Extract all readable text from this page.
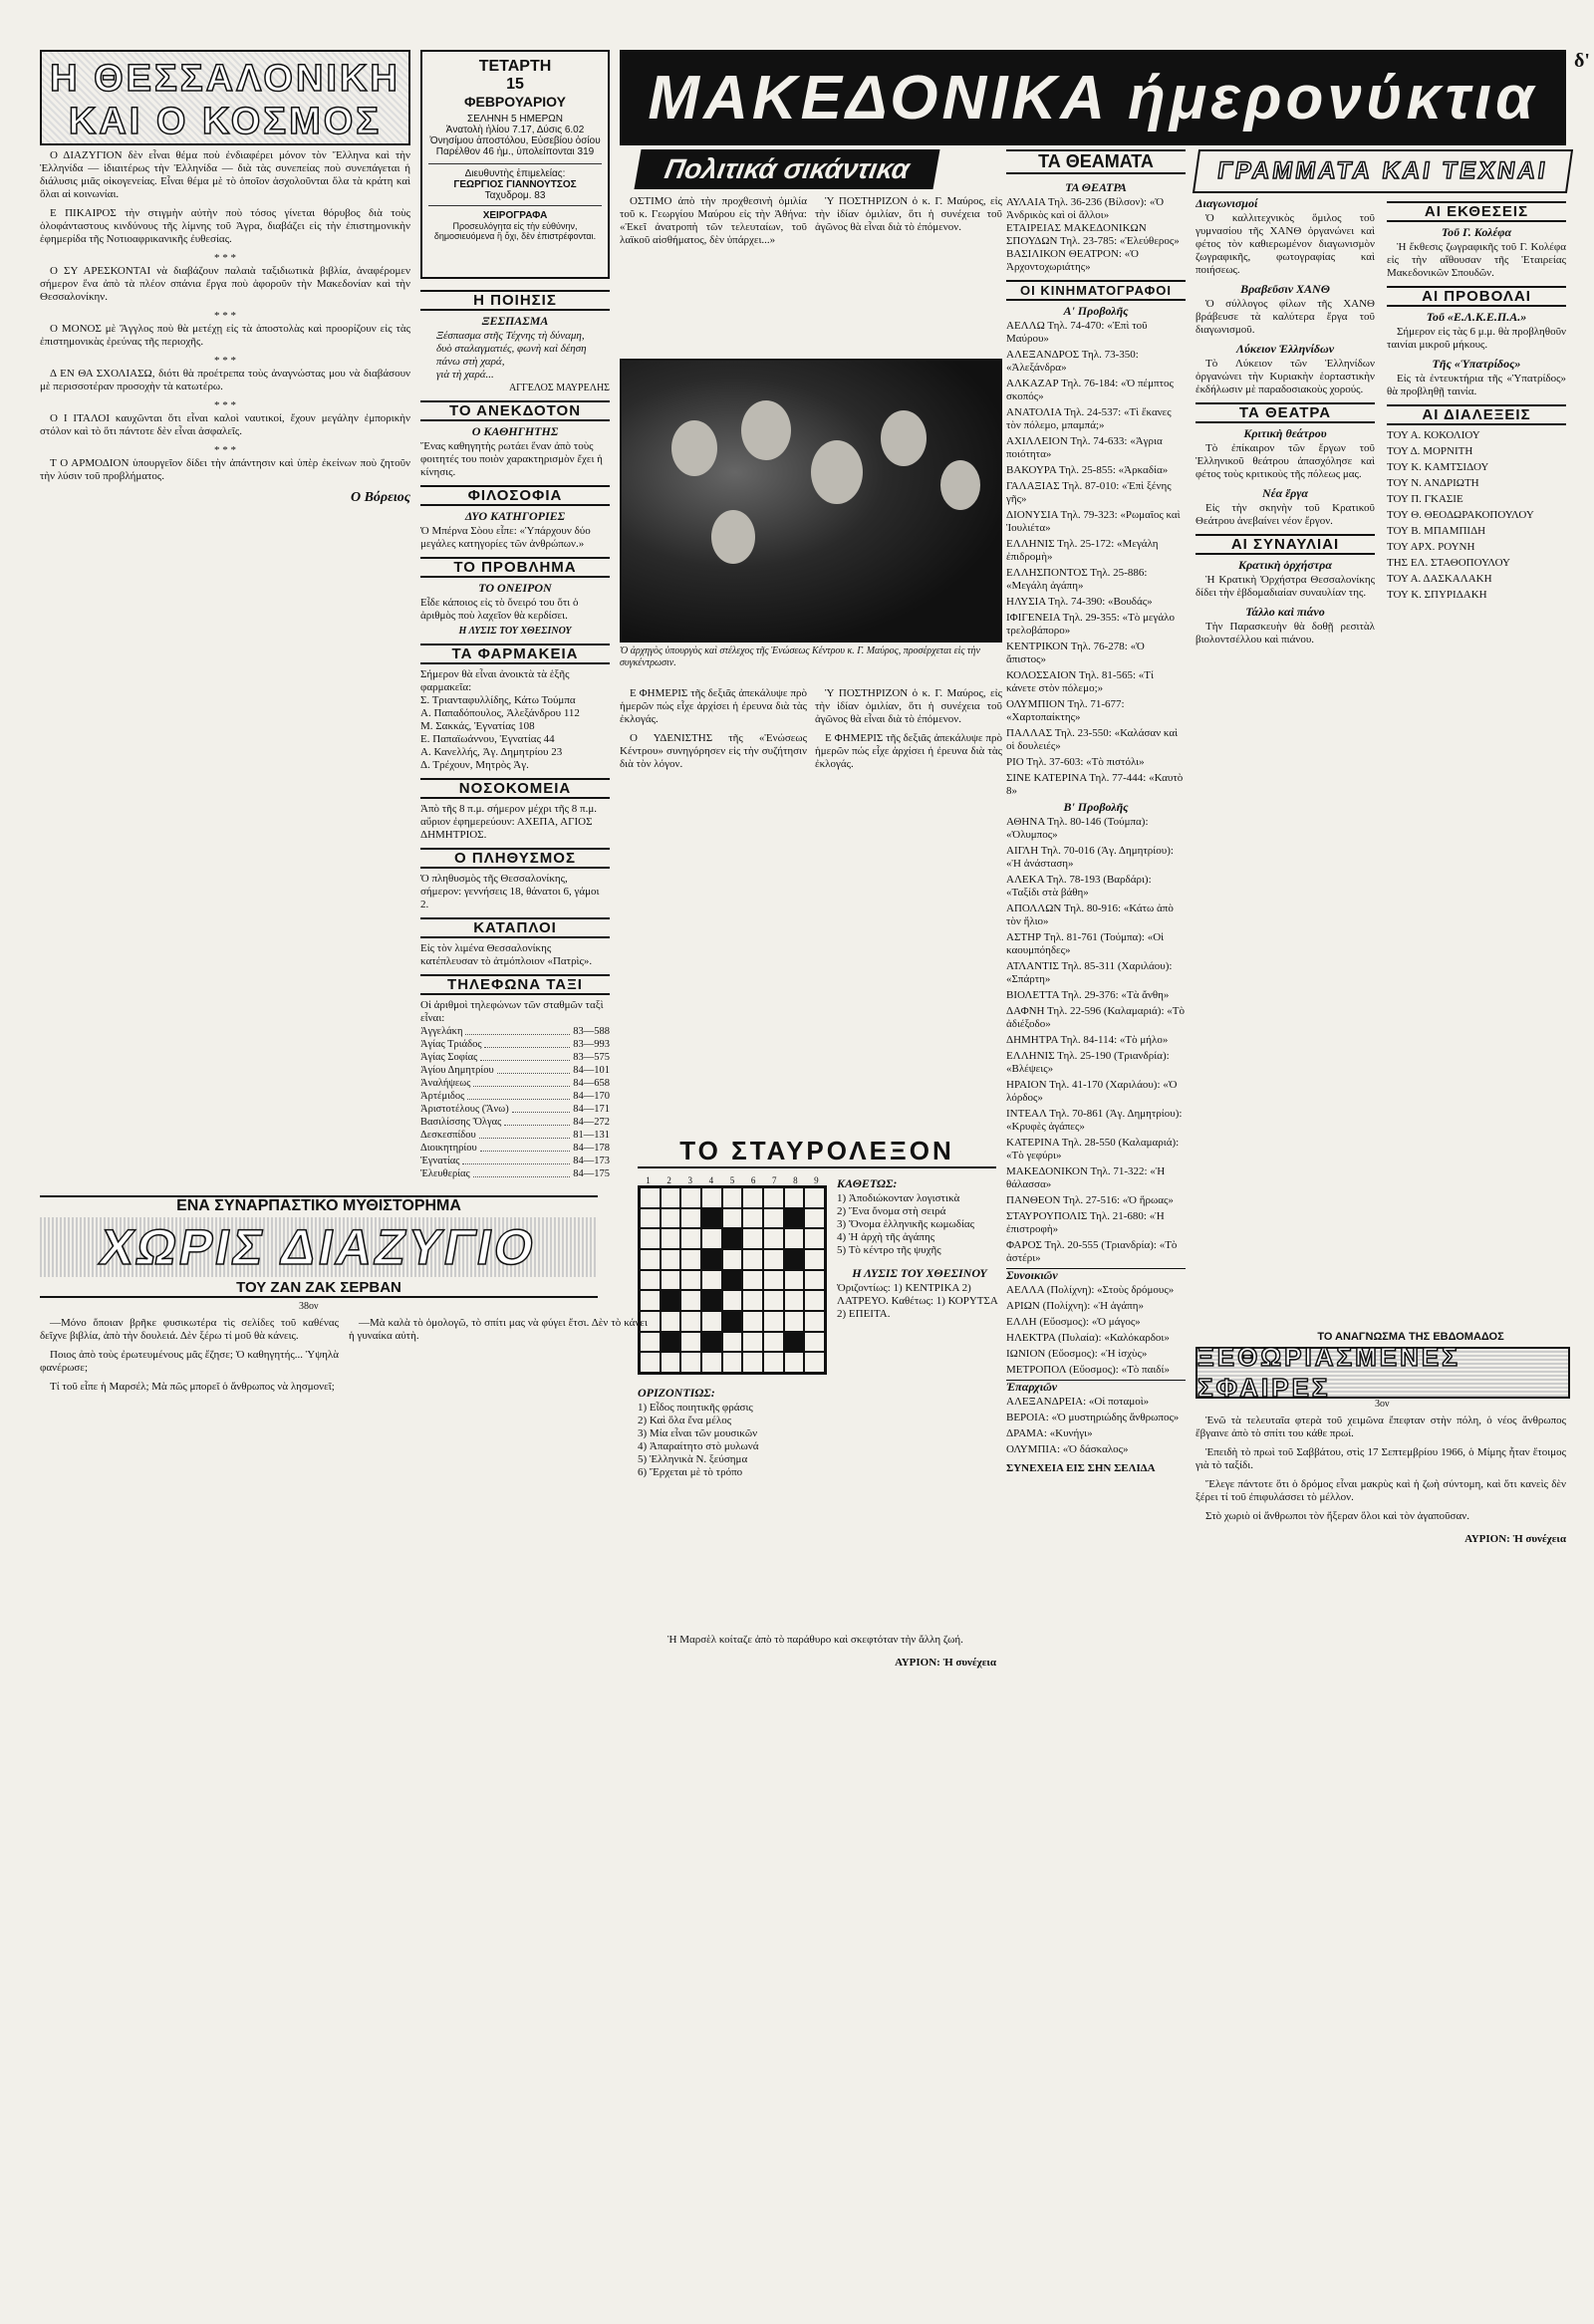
Η ΘΕΣΣΑΛΟΝΙΚΗ
ΚΑΙ Ο ΚΟΣΜΟΣ

Ο ΔΙΑΖΥΓΙΟΝ δὲν εἶναι θέμα ποὺ ἐνδιαφέρει μόνον τὸν Ἕλληνα καὶ τὴν Ἑλληνίδα — ἰδιαιτέρως τὴν Ἑλληνίδα — διὰ τὰς συνεπείας ποὺ συνεπάγεται ἡ διάλυσις μιᾶς οἰκογενείας. Εἶναι θέμα μὲ τὸ ὁποῖον ἀσχολοῦνται ὅλα τὰ κράτη καὶ ὅλαι αἱ κοινωνίαι.

Ε ΠΙΚΑΙΡΟΣ τὴν στιγμὴν αὐτὴν ποὺ τόσος γίνεται θόρυβος διὰ τοὺς ὁλοφάνταστους κινδύνους τῆς λίμνης τοῦ Ἀγρα, διαβάζει εἰς τὴν ἐπιστημονικὴν ἐφημερίδα τῆς Νοτιοαφρικανικῆς ἐυθεσίας.

* * *

Ο ΣΥ ΑΡΕΣΚΟΝΤΑΙ νὰ διαβάζουν παλαιὰ ταξιδιωτικὰ βιβλία, ἀναφέρομεν σήμερον ἕνα ἀπὸ τὰ πλέον σπάνια ἔργα ποὺ ἀφοροῦν τὴν Μακεδονίαν καὶ τὴν Θεσσαλονίκην.

* * *

Ο ΜΟΝΟΣ μὲ Ἄγγλος ποὺ θὰ μετέχῃ εἰς τὰ ἀποστολὰς καὶ προορίζουν εἰς τὰς ἐπιστημονικὰς ἐρεύνας τῆς περιοχῆς.

* * *

Δ ΕΝ ΘΑ ΣΧΟΛΙΑΣΩ, διότι θὰ προέτρεπα τοὺς ἀναγνώστας μου νὰ διαβάσουν μὲ περισσοτέραν προσοχὴν τὰ κατωτέρω.

* * *

Ο Ι ΙΤΑΛΟΙ καυχῶνται ὅτι εἶναι καλοὶ ναυτικοί, ἔχουν μεγάλην ἐμπορικὴν στόλον καὶ τὸ ὅτι πάντοτε δὲν εἶναι ἀσφαλεῖς.

* * *

Τ Ο ΑΡΜΟΔΙΟΝ ὑπουργεῖον δίδει τὴν ἀπάντησιν καὶ ὑπὲρ ἐκείνων ποὺ ζητοῦν τὴν λύσιν τοῦ προβλήματος.

Ο Βόρειος
ΤΕΤΑΡΤΗ
15
ΦΕΒΡΟΥΑΡΙΟΥ
ΣΕΛΗΝΗ 5 ΗΜΕΡΩΝ
Ἀνατολὴ ἡλίου 7.17, Δύσις 6.02
Ὀνησίμου ἀποστόλου, Εὐσεβίου ὁσίου
Παρέλθον 46 ἡμ., ὑπολείπονται 319
Διευθυντὴς ἐπιμελείας:
ΓΕΩΡΓΙΟΣ ΓΙΑΝΝΟΥΤΣΟΣ
Ταχυδρομ. 83
ΧΕΙΡΟΓΡΑΦΑ
Προσευλόγητα εἰς τὴν εὐθύνην, δημοσιευόμενα ἢ ὄχι, δὲν ἐπιστρέφονται.
ΜΑΚΕΔΟΝΙΚΑ ήμερονύκτια
δ'
Η ΠΟΙΗΣΙΣ
ΞΕΣΠΑΣΜΑ
Ξέσπασμα στῆς Τέχνης τὴ δύναμη,
δυὸ σταλαγματιές, φωνὴ καὶ δέηση
πάνω στὴ χαρά,
γιὰ τὴ χαρά...
ΑΓΓΕΛΟΣ ΜΑΥΡΕΛΗΣ
ΤΟ ΑΝΕΚΔΟΤΟΝ
Ο ΚΑΘΗΓΗΤΗΣ
Ἕνας καθηγητὴς ρωτάει ἕναν ἀπὸ τοὺς φοιτητές του ποιὸν χαρακτηρισμὸν ἔχει ἡ κίνησις.
ΦΙΛΟΣΟΦΙΑ
ΔΥΟ ΚΑΤΗΓΟΡΙΕΣ
Ὁ Μπέρνα Σὸου εἶπε: «Ὑπάρχουν δύο μεγάλες κατηγορίες τῶν ἀνθρώπων.»
ΤΟ ΠΡΟΒΛΗΜΑ
ΤΟ ΟΝΕΙΡΟΝ
Εἶδε κάποιος εἰς τὸ ὄνειρό του ὅτι ὁ ἀριθμὸς ποὺ λαχεῖον θὰ κερδίσει.
Η ΛΥΣΙΣ ΤΟΥ ΧΘΕΣΙΝΟΥ
ΤΑ ΦΑΡΜΑΚΕΙΑ
Σήμερον θὰ εἶναι ἀνοικτὰ τὰ ἑξῆς φαρμακεῖα:
Σ. Τριανταφυλλίδης, Κάτω Τούμπα
Α. Παπαδόπουλος, Ἀλεξάνδρου 112
Μ. Σακκάς, Ἐγνατίας 108
Ε. Παπαϊωάννου, Ἐγνατίας 44
Α. Κανελλής, Ἀγ. Δημητρίου 23
Δ. Τρέχουν, Μητρὸς Ἀγ.
ΝΟΣΟΚΟΜΕΙΑ
Ἀπὸ τῆς 8 π.μ. σήμερον μέχρι τῆς 8 π.μ. αὔριον ἐφημερεύουν: ΑΧΕΠΑ, ΑΓΙΟΣ ΔΗΜΗΤΡΙΟΣ.
Ο ΠΛΗΘΥΣΜΟΣ
Ὁ πληθυσμὸς τῆς Θεσσαλονίκης, σήμερον: γεννήσεις 18, θάνατοι 6, γάμοι 2.
ΚΑΤΑΠΛΟΙ
Εἰς τὸν λιμένα Θεσσαλονίκης κατέπλευσαν τὸ ἀτμόπλοιον «Πατρὶς».
ΤΗΛΕΦΩΝΑ ΤΑΞΙ
Οἱ ἀριθμοὶ τηλεφώνων τῶν σταθμῶν ταξὶ εἶναι:
Ἀγγελάκη	83—588
Ἀγίας Τριάδος	83—993
Ἁγίας Σοφίας	83—575
Ἀγίου Δημητρίου	84—101
Ἀναλήψεως	84—658
Ἀρτέμιδος	84—170
Ἀριστοτέλους (Ἄνω)	84—171
Βασιλίσσης Ὄλγας	84—272
Δεσκεσπίδου	81—131
Διοικητηρίου	84—178
Ἐγνατίας	84—173
Ἐλευθερίας	84—175
Πολιτικά σικάντικα

ΟΣΤΙΜΟ ἀπὸ τὴν προχθεσινὴ ὁμιλία τοῦ κ. Γεωργίου Μαύρου εἰς τὴν Ἀθήνα: «Ἐκεῖ ἀνατροπὴ τῶν τελευταίων, τοῦ λαϊκοῦ αἰσθήματος, δὲν ὑπάρχει...»

Ὑ ΠΟΣΤΗΡΙΖΟΝ ὁ κ. Γ. Μαύρος, εἰς τὴν ἰδίαν ὁμιλίαν, ὅτι ἡ συνέχεια τοῦ ἀγῶνος θὰ εἶναι διὰ τὸ ἐπόμενον.

Ὁ ἀρχηγὸς ὑπουργὸς καὶ στέλεχος τῆς Ἑνώσεως Κέντρου κ. Γ. Μαύρος, προσέρχεται εἰς τὴν συγκέντρωσιν.

Ε ΦΗΜΕΡΙΣ τῆς δεξιᾶς ἀπεκάλυψε πρὸ ἡμερῶν πώς εἶχε ἀρχίσει ἡ ἐρευνα διὰ τὰς ἐκλογάς.

Ο ΥΔΕΝΙΣΤΗΣ τῆς «Ἐνώσεως Κέντρου» συνηγόρησεν εἰς τὴν συζήτησιν διὰ τὸν λόγον.

Ὑ ΠΟΣΤΗΡΙΖΟΝ ὁ κ. Γ. Μαύρος, εἰς τὴν ἰδίαν ὁμιλίαν, ὅτι ἡ συνέχεια τοῦ ἀγῶνος θὰ εἶναι διὰ τὸ ἐπόμενον.

Ε ΦΗΜΕΡΙΣ τῆς δεξιᾶς ἀπεκάλυψε πρὸ ἡμερῶν πώς εἶχε ἀρχίσει ἡ ἐρευνα διὰ τὰς ἐκλογάς.

ΤΟ ΣΤΑΥΡΟΛΕΞΟΝ
1	2	3	4	5	6	7	8	9
ΟΡΙΖΟΝΤΙΩΣ:
1) Εἶδος ποιητικῆς φράσις
2) Καὶ ὅλα ἔνα μέλος
3) Μία εἶναι τῶν μουσικῶν
4) Ἀπαραίτητο στὸ μυλωνά
5) Ἐλληνικὰ Ν. ξεύσημα
6) Ἔρχεται μὲ τὸ τρόπο
ΚΑΘΕΤΩΣ:
1) Ἀποδιώκονταν λογιστικὰ
2) Ἔνα ὄνομα στὴ σειρά
3) Ὄνομα ἑλληνικῆς κωμωδίας
4) Ἡ ἀρχὴ τῆς ἀγάπης
5) Τὸ κέντρο τῆς ψυχῆς
Η ΛΥΣΙΣ ΤΟΥ ΧΘΕΣΙΝΟΥ
Ὁριζοντίως: 1) ΚΕΝΤΡΙΚΑ 2) ΛΑΤΡΕΥΟ. Καθέτως: 1) ΚΟΡΥΤΣΑ 2) ΕΠΕΙΤΑ.
ΤΑ ΘΕΑΜΑΤΑ
ΤΑ ΘΕΑΤΡΑ
ΑΥΛΑΙΑ Τηλ. 36-236 (Βίλσον): «Ὁ Ἀνδρικὸς καὶ οἱ ἄλλοι»
ΕΤΑΙΡΕΙΑΣ ΜΑΚΕΔΟΝΙΚΩΝ ΣΠΟΥΔΩΝ Τηλ. 23-785: «Ἐλεύθερος»
ΒΑΣΙΛΙΚΟΝ ΘΕΑΤΡΟΝ: «Ὁ Ἀρχοντοχωριάτης»
ΟΙ ΚΙΝΗΜΑΤΟΓΡΑΦΟΙ
Α' Προβολῆς
ΑΕΛΛΩ Τηλ. 74-470: «Ἐπὶ τοῦ Μαύρου»
ΑΛΕΞΑΝΔΡΟΣ Τηλ. 73-350: «Ἀλεξάνδρα»
ΑΛΚΑΖΑΡ Τηλ. 76-184: «Ὁ πέμπτος σκοπός»
ΑΝΑΤΟΛΙΑ Τηλ. 24-537: «Τὶ ἔκανες τὸν πόλεμο, μπαμπά;»
ΑΧΙΛΛΕΙΟΝ Τηλ. 74-633: «Ἀγρια ποιότητα»
ΒΑΚΟΥΡΑ Τηλ. 25-855: «Ἀρκαδία»
ΓΑΛΑΞΙΑΣ Τηλ. 87-010: «Ἐπὶ ξένης γῆς»
ΔΙΟΝΥΣΙΑ Τηλ. 79-323: «Ρωμαῖος καὶ Ἰουλιέτα»
ΕΛΛΗΝΙΣ Τηλ. 25-172: «Μεγάλη ἐπιδρομὴ»
ΕΛΛΗΣΠΟΝΤΟΣ Τηλ. 25-886: «Μεγάλη ἀγάπη»
ΗΛΥΣΙΑ Τηλ. 74-390: «Βουδάς»
ΙΦΙΓΕΝΕΙΑ Τηλ. 29-355: «Τὸ μεγάλο τρελοβάπορο»
ΚΕΝΤΡΙΚΟΝ Τηλ. 76-278: «Ὁ ἄπιστος»
ΚΟΛΟΣΣΑΙΟΝ Τηλ. 81-565: «Τί κάνετε στὸν πόλεμο;»
ΟΛΥΜΠΙΟΝ Τηλ. 71-677: «Χαρτοπαίκτης»
ΠΑΛΛΑΣ Τηλ. 23-550: «Καλάσαν καὶ οἱ δουλειές»
ΡΙΟ Τηλ. 37-603: «Τὸ πιστόλι»
ΣΙΝΕ ΚΑΤΕΡΙΝΑ Τηλ. 77-444: «Καυτὸ 8»
Β' Προβολῆς
ΑΘΗΝΑ Τηλ. 80-146 (Τούμπα): «Ὁλυμπος»
ΑΙΓΛΗ Τηλ. 70-016 (Ἀγ. Δημητρίου): «Ἡ ἀνάσταση»
ΑΛΕΚΑ Τηλ. 78-193 (Βαρδάρι): «Ταξίδι στὰ βάθη»
ΑΠΟΛΛΩΝ Τηλ. 80-916: «Κάτω ἀπὸ τὸν ἥλιο»
ΑΣΤΗΡ Τηλ. 81-761 (Τούμπα): «Οἱ καουμπόηδες»
ΑΤΛΑΝΤΙΣ Τηλ. 85-311 (Χαριλάου): «Σπάρτη»
ΒΙΟΛΕΤΤΑ Τηλ. 29-376: «Τὰ ἄνθη»
ΔΑΦΝΗ Τηλ. 22-596 (Καλαμαριά): «Τὸ ἀδιέξοδο»
ΔΗΜΗΤΡΑ Τηλ. 84-114: «Τὸ μήλο»
ΕΛΛΗΝΙΣ Τηλ. 25-190 (Τριανδρία): «Βλέψεις»
ΗΡΑΙΟΝ Τηλ. 41-170 (Χαριλάου): «Ὁ λόρδος»
ΙΝΤΕΑΛ Τηλ. 70-861 (Ἀγ. Δημητρίου): «Κρυφὲς ἀγάπες»
ΚΑΤΕΡΙΝΑ Τηλ. 28-550 (Καλαμαριά): «Τὸ γεφύρι»
ΜΑΚΕΔΟΝΙΚΟΝ Τηλ. 71-322: «Ἡ θάλασσα»
ΠΑΝΘΕΟΝ Τηλ. 27-516: «Ὁ ἥρωας»
ΣΤΑΥΡΟΥΠΟΛΙΣ Τηλ. 21-680: «Ἡ ἐπιστροφὴ»
ΦΑΡΟΣ Τηλ. 20-555 (Τριανδρία): «Τὸ ἀστέρι»
Συνοικιῶν
ΑΕΛΛΑ (Πολίχνη): «Στοὺς δρόμους»
ΑΡΙΩΝ (Πολίχνη): «Ἡ ἀγάπη»
ΕΛΛΗ (Εὔοσμος): «Ὁ μάγος»
ΗΛΕΚΤΡΑ (Πυλαία): «Καλόκαρδοι»
ΙΩΝΙΟΝ (Εὔοσμος): «Ἡ ἰσχὺς»
ΜΕΤΡΟΠΟΛ (Εὔοσμος): «Τὸ παιδί»
Ἐπαρχιῶν
ΑΛΕΞΑΝΔΡΕΙΑ: «Οἱ ποταμοὶ»
ΒΕΡΟΙΑ: «Ὁ μυστηριώδης ἄνθρωπος»
ΔΡΑΜΑ: «Κυνήγι»
ΟΛΥΜΠΙΑ: «Ὁ δάσκαλος»
ΣΥΝΕΧΕΙΑ ΕΙΣ ΣΗΝ ΣΕΛΙΔΑ
ΓΡΑΜΜΑΤΑ ΚΑΙ ΤΕΧΝΑΙ
Διαγωνισμοί

Ὁ καλλιτεχνικὸς ὅμιλος τοῦ γυμνασίου τῆς ΧΑΝΘ ὀργανώνει καὶ φέτος τὸν καθιερωμένον διαγωνισμὸν ζωγραφικῆς, φωτογραφίας καὶ ποιήσεως.

Βραβεῦσιν ΧΑΝΘ

Ὁ σύλλογος φίλων τῆς ΧΑΝΘ βράβευσε τὰ καλύτερα ἔργα τοῦ διαγωνισμοῦ.

Λύκειον Ἑλληνίδων

Τὸ Λύκειον τῶν Ἑλληνίδων ὀργανώνει τὴν Κυριακὴν ἑορταστικὴν ἐκδήλωσιν μὲ παραδοσιακοὺς χορούς.

ΤΑ ΘΕΑΤΡΑ
Κριτικὴ θεάτρου

Τὸ ἐπίκαιρον τῶν ἔργων τοῦ Ἑλληνικοῦ θεάτρου ἀπασχόλησε καὶ φέτος τοὺς κριτικοὺς τῆς πόλεως μας.

Νέα ἔργα

Εἰς τὴν σκηνὴν τοῦ Κρατικοῦ Θεάτρου ἀνεβαίνει νέον ἔργον.

ΑΙ ΣΥΝΑΥΛΙΑΙ
Κρατικὴ ὀρχήστρα

Ἡ Κρατικὴ Ὀρχήστρα Θεσσαλονίκης δίδει τὴν ἑβδομαδιαίαν συναυλίαν της.

Τάλλο καὶ πιάνο

Τὴν Παρασκευὴν θὰ δοθῇ ρεσιτὰλ βιολοντσέλλου καὶ πιάνου.

ΑΙ ΕΚΘΕΣΕΙΣ
Τοῦ Γ. Κολέφα

Ἡ ἔκθεσις ζωγραφικῆς τοῦ Γ. Κολέφα εἰς τὴν αἴθουσαν τῆς Ἑταιρείας Μακεδονικῶν Σπουδῶν.

ΑΙ ΠΡΟΒΟΛΑΙ
Τοῦ «Ε.Λ.Κ.Ε.Π.Α.»

Σήμερον εἰς τὰς 6 μ.μ. θὰ προβληθοῦν ταινίαι μικροῦ μήκους.

Τῆς «Ὑπατρίδος»

Εἰς τὰ ἐντευκτήρια τῆς «Ὑπατρίδος» θὰ προβληθῇ ταινία.

ΑΙ ΔΙΑΛΕΞΕΙΣ
ΤΟΥ Α. ΚΟΚΟΛΙΟΥ
ΤΟΥ Δ. ΜΟΡΝΙΤΗ
ΤΟΥ Κ. ΚΑΜΤΣΙΔΟΥ
ΤΟΥ Ν. ΑΝΔΡΙΩΤΗ
ΤΟΥ Π. ΓΚΑΣΙΕ
ΤΟΥ Θ. ΘΕΟΔΩΡΑΚΟΠΟΥΛΟΥ
ΤΟΥ Β. ΜΠΑΜΠΙΔΗ
ΤΟΥ ΑΡΧ. ΡΟΥΝΗ
ΤΗΣ ΕΛ. ΣΤΑΘΟΠΟΥΛΟΥ
ΤΟΥ Α. ΔΑΣΚΑΛΑΚΗ
ΤΟΥ Κ. ΣΠΥΡΙΔΑΚΗ
ΤΟ ΑΝΑΓΝΩΣΜΑ ΤΗΣ ΕΒΔΟΜΑΔΟΣ
ΞΕΘΩΡΙΑΣΜΕΝΕΣ ΣΦΑΙΡΕΣ
3ον

Ἐνῶ τὰ τελευταῖα φτερὰ τοῦ χειμῶνα ἔπεφταν στὴν πόλη, ὁ νέος ἄνθρωπος ἔβγαινε ἀπὸ τὸ σπίτι του κάθε πρωί.

Ἐπειδὴ τὸ πρωὶ τοῦ Σαββάτου, στὶς 17 Σεπτεμβρίου 1966, ὁ Μίμης ἦταν ἕτοιμος γιὰ τὸ ταξίδι.

Ἔλεγε πάντοτε ὅτι ὁ δρόμος εἶναι μακρὺς καὶ ἡ ζωὴ σύντομη, καὶ ὅτι κανεὶς δὲν ξέρει τί τοῦ ἐπιφυλάσσει τὸ μέλλον.

Στὸ χωριὸ οἱ ἄνθρωποι τὸν ἤξεραν ὅλοι καὶ τὸν ἀγαποῦσαν.

ΑΥΡΙΟΝ: Ἡ συνέχεια
ΕΝΑ ΣΥΝΑΡΠΑΣΤΙΚΟ ΜΥΘΙΣΤΟΡΗΜΑ
ΧΩΡΙΣ ΔΙΑΖΥΓΙΟ
ΤΟΥ ΖΑΝ ΖΑΚ ΣΕΡΒΑΝ
38ον

—Μόνο ὅποιαν βρῆκε φυσικωτέρα τὶς σελίδες τοῦ καθένας δεῖχνε βιβλία, ἀπὸ τὴν δουλειά. Δὲν ξέρω τί μοῦ θὰ κάνεις.

Ποιος ἀπὸ τοὺς ἐρωτευμένους μᾶς ἔζησε; Ὁ καθηγητής... Ὑψηλὰ φανέρωσε;

Τί τοῦ εἶπε ἡ Μαρσέλ; Μὰ πῶς μπορεῖ ὁ ἄνθρωπος νὰ λησμονεῖ;

—Μὰ καλὰ τὸ ὁμολογῶ, τὸ σπίτι μας νὰ φύγει ἔτσι. Δὲν τὸ κάνει ἡ γυναίκα αὐτὴ.

Ἡ Μαρσὲλ κοίταζε ἀπὸ τὸ παράθυρο καὶ σκεφτόταν τὴν ἄλλη ζωή.

ΑΥΡΙΟΝ: Ἡ συνέχεια
